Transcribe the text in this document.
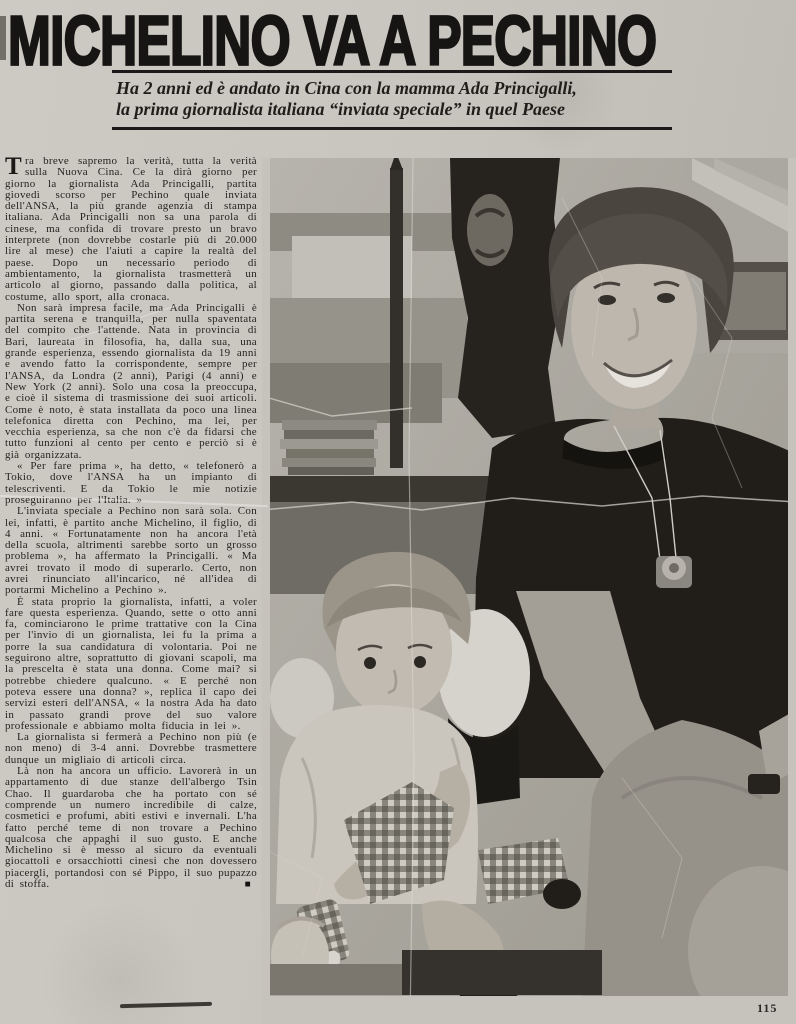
MICHELINO VA A PECHINO
Ha 2 anni ed è andato in Cina con la mamma Ada Princigalli,
la prima giornalista italiana “inviata speciale” in quel Paese

Tra breve sapremo la verità, tutta la verità sulla Nuova Cina. Ce la dirà giorno per giorno la giornalista Ada Princigalli, partita giovedì scorso per Pechino quale inviata dell'ANSA, la più grande agenzia di stampa italiana. Ada Princigalli non sa una parola di cinese, ma confida di trovare presto un bravo interprete (non dovrebbe costarle più di 20.000 lire al mese) che l'aiuti a capire la realtà del paese. Dopo un necessario periodo di ambientamento, la giornalista trasmetterà un articolo al giorno, passando dalla politica, al costume, allo sport, alla cronaca.

Non sarà impresa facile, ma Ada Princigalli è partita serena e tranquilla, per nulla spaventata del compito che l'attende. Nata in provincia di Bari, laureata in filosofia, ha, dalla sua, una grande esperienza, essendo giornalista da 19 anni e avendo fatto la corrispondente, sempre per l'ANSA, da Londra (2 anni), Parigi (4 anni) e New York (2 anni). Solo una cosa la preoccupa, e cioè il sistema di trasmissione dei suoi articoli. Come è noto, è stata installata da poco una linea telefonica diretta con Pechino, ma lei, per vecchia esperienza, sa che non c'è da fidarsi che tutto funzioni al cento per cento e perciò si è già organizzata.

« Per fare prima », ha detto, « telefonerò a Tokio, dove l'ANSA ha un impianto di telescriventi. E da Tokio le mie notizie proseguiranno per l'Italia. »

L'inviata speciale a Pechino non sarà sola. Con lei, infatti, è partito anche Michelino, il figlio, di 4 anni. « Fortunatamente non ha ancora l'età della scuola, altrimenti sarebbe sorto un grosso problema », ha affermato la Princigalli. « Ma avrei trovato il modo di superarlo. Certo, non avrei rinunciato all'incarico, né all'idea di portarmi Michelino a Pechino ».

È stata proprio la giornalista, infatti, a voler fare questa esperienza. Quando, sette o otto anni fa, cominciarono le prime trattative con la Cina per l'invio di un giornalista, lei fu la prima a porre la sua candidatura di volontaria. Poi ne seguirono altre, soprattutto di giovani scapoli, ma la prescelta è stata una donna. Come mai? si potrebbe chiedere qualcuno. « E perché non poteva essere una donna? », replica il capo dei servizi esteri dell'ANSA, « la nostra Ada ha dato in passato grandi prove del suo valore professionale e abbiamo molta fiducia in lei ».

La giornalista si fermerà a Pechino non più (e non meno) di 3-4 anni. Dovrebbe trasmettere dunque un migliaio di articoli circa.

Là non ha ancora un ufficio. Lavorerà in un appartamento di due stanze dell'albergo Tsin Chao. Il guardaroba che ha portato con sé comprende un numero incredibile di calze, cosmetici e profumi, abiti estivi e invernali. L'ha fatto perché teme di non trovare a Pechino qualcosa che appaghi il suo gusto. E anche Michelino si è messo al sicuro da eventuali giocattoli e orsacchiotti cinesi che non dovessero piacergli, portandosi con sé Pippo, il suo pupazzo di stoffa.	■

115
